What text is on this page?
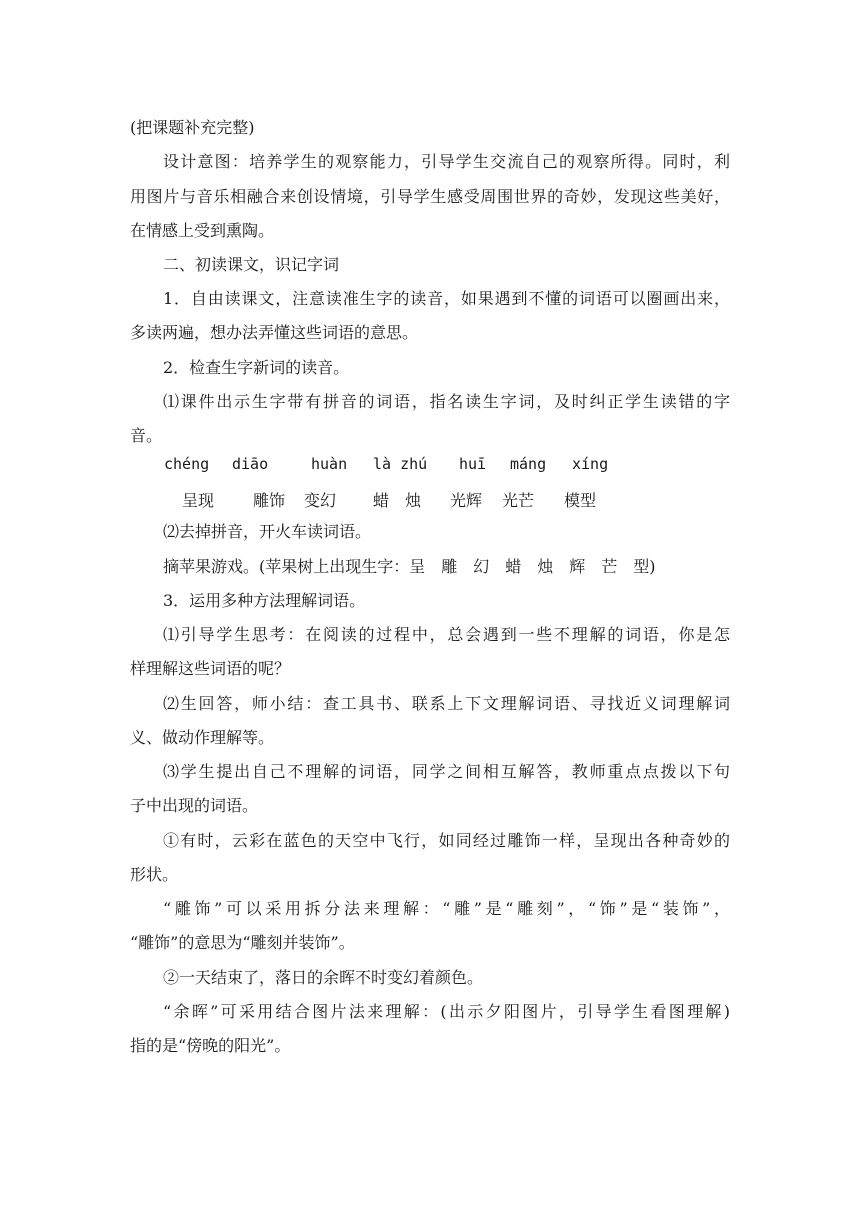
(把课题补充完整)
设计意图：培养学生的观察能力，引导学生交流自己的观察所得。同时，利
用图片与音乐相融合来创设情境，引导学生感受周围世界的奇妙，发现这些美好，
在情感上受到熏陶。
二、初读课文，识记字词
1．自由读课文，注意读准生字的读音，如果遇到不懂的词语可以圈画出来，
多读两遍，想办法弄懂这些词语的意思。
2．检查生字新词的读音。
⑴课件出示生字带有拼音的词语，指名读生字词，及时纠正学生读错的字
音。
chéng diāo	huàn là zhú huī máng xíng
呈现 雕饰 变幻 蜡　烛 光辉 光芒 模型
⑵去掉拼音，开火车读词语。
摘苹果游戏。(苹果树上出现生字：呈　雕　幻　蜡　烛　辉　芒　型)
3．运用多种方法理解词语。
⑴引导学生思考：在阅读的过程中，总会遇到一些不理解的词语，你是怎
样理解这些词语的呢？
⑵生回答，师小结：查工具书、联系上下文理解词语、寻找近义词理解词
义、做动作理解等。
⑶学生提出自己不理解的词语，同学之间相互解答，教师重点点拨以下句
子中出现的词语。
①有时，云彩在蓝色的天空中飞行，如同经过雕饰一样，呈现出各种奇妙的
形状。
“雕饰”可以采用拆分法来理解：“雕”是“雕刻”，“饰”是“装饰”，
“雕饰”的意思为“雕刻并装饰”。
②一天结束了，落日的余晖不时变幻着颜色。
“余晖”可采用结合图片法来理解：(出示夕阳图片，引导学生看图理解)
指的是“傍晚的阳光”。
